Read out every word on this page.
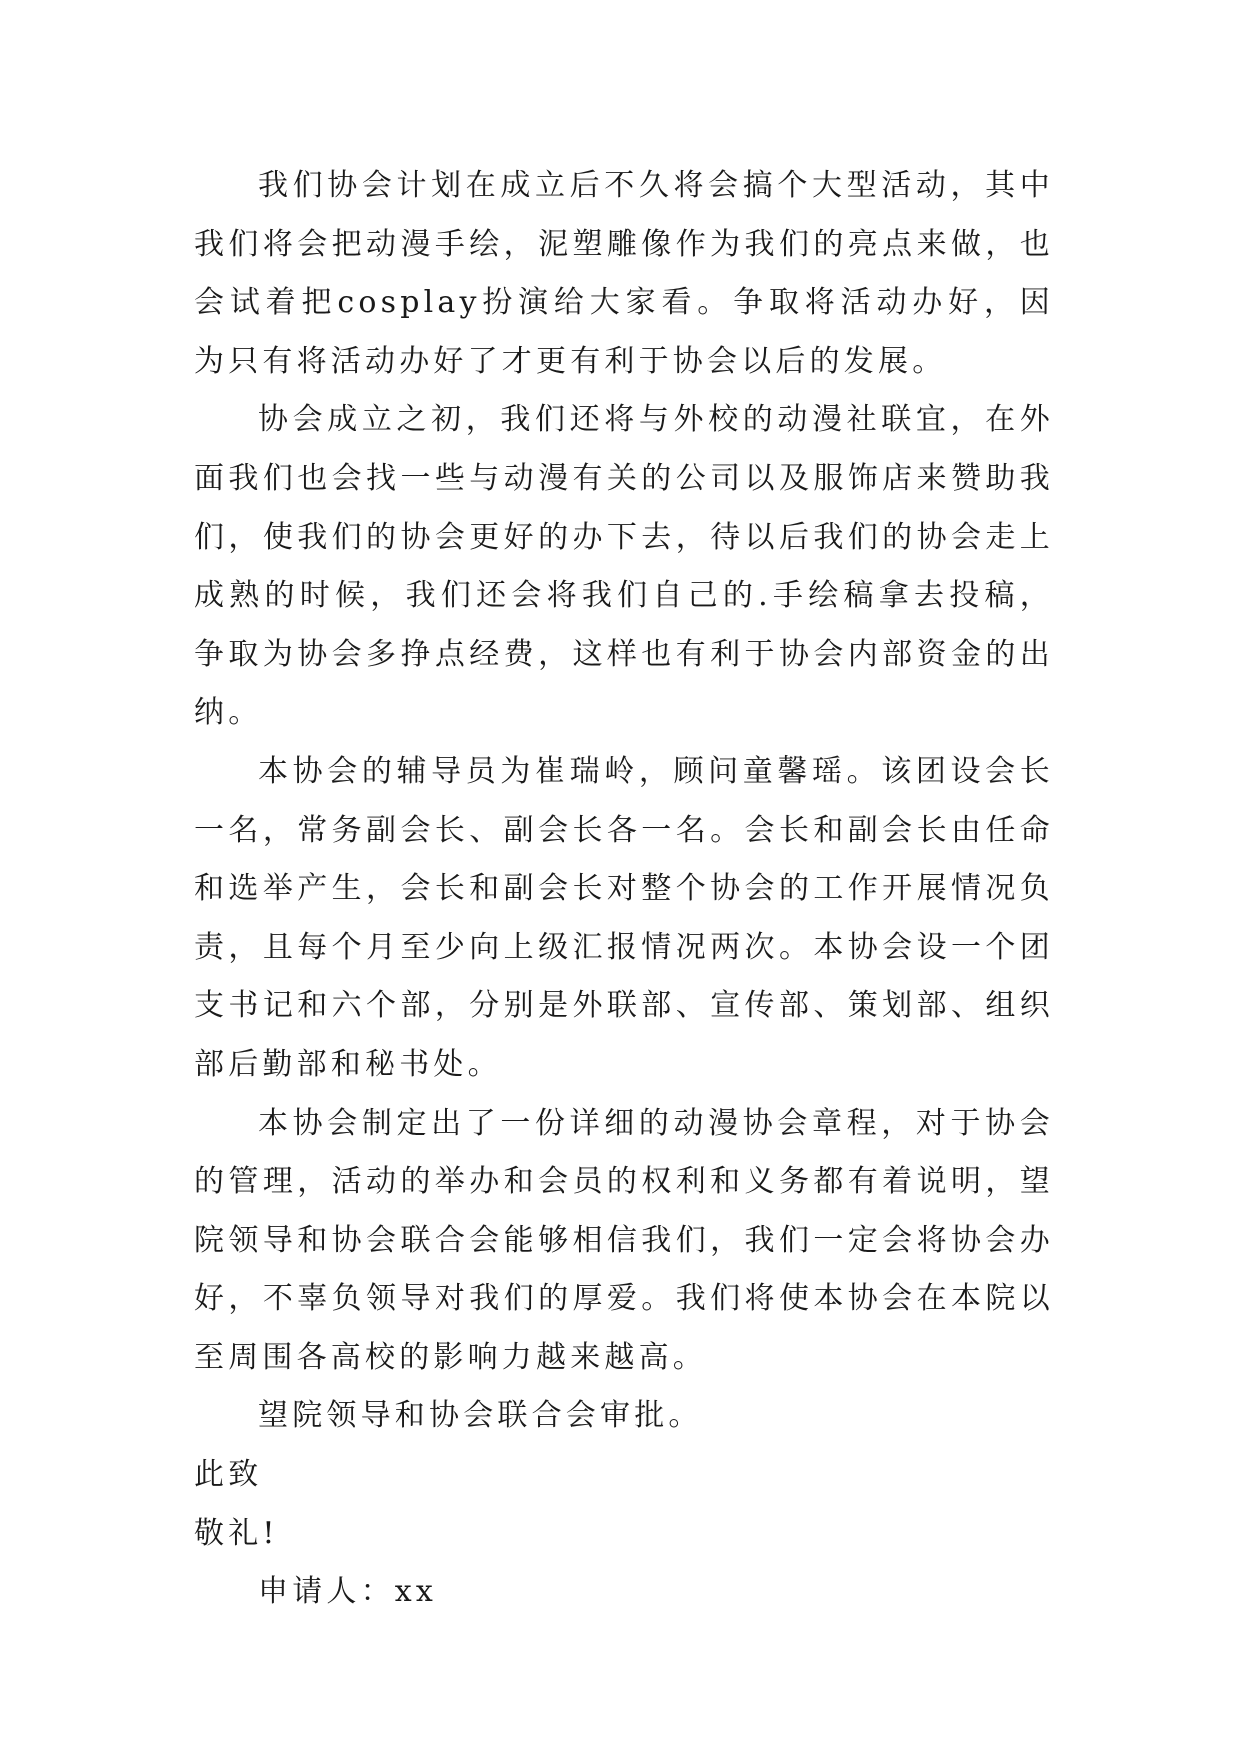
我们协会计划在成立后不久将会搞个大型活动，其中我们将会把动漫手绘，泥塑雕像作为我们的亮点来做，也会试着把cosplay扮演给大家看。争取将活动办好，因为只有将活动办好了才更有利于协会以后的发展。

协会成立之初，我们还将与外校的动漫社联宜，在外面我们也会找一些与动漫有关的公司以及服饰店来赞助我们，使我们的协会更好的办下去，待以后我们的协会走上成熟的时候，我们还会将我们自己的.手绘稿拿去投稿，争取为协会多挣点经费，这样也有利于协会内部资金的出纳。

本协会的辅导员为崔瑞岭，顾问童馨瑶。该团设会长一名，常务副会长、副会长各一名。会长和副会长由任命和选举产生，会长和副会长对整个协会的工作开展情况负责，且每个月至少向上级汇报情况两次。本协会设一个团支书记和六个部，分别是外联部、宣传部、策划部、组织部后勤部和秘书处。

本协会制定出了一份详细的动漫协会章程，对于协会的管理，活动的举办和会员的权利和义务都有着说明，望院领导和协会联合会能够相信我们，我们一定会将协会办好，不辜负领导对我们的厚爱。我们将使本协会在本院以至周围各高校的影响力越来越高。

望院领导和协会联合会审批。

此致

敬礼!

申请人：xx
